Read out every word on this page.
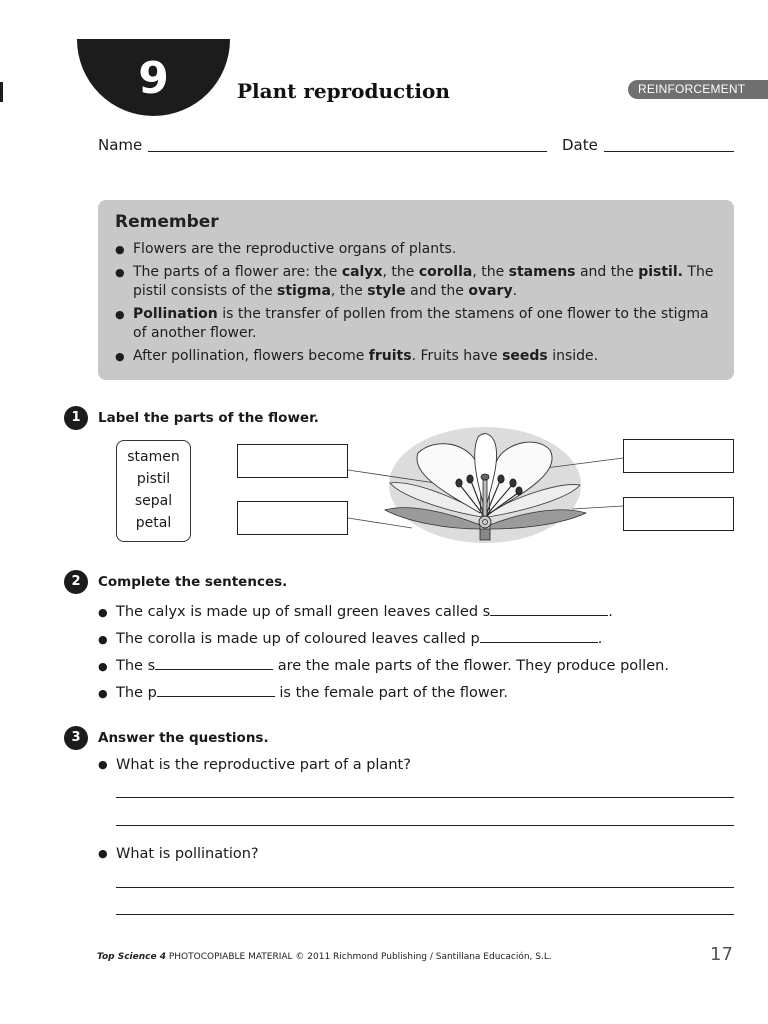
9	Plant reproduction	REINFORCEMENT
Name	Date
Remember
● Flowers are the reproductive organs of plants.
● The parts of a flower are: the calyx, the corolla, the stamens and the pistil. The pistil consists of the stigma, the style and the ovary.
● Pollination is the transfer of pollen from the stamens of one flower to the stigma of another flower.
● After pollination, flowers become fruits. Fruits have seeds inside.
1	Label the parts of the flower.
stamen
pistil
sepal
petal
2	Complete the sentences.
● The calyx is made up of small green leaves called s	.
● The corolla is made up of coloured leaves called p	.
● The s	are the male parts of the flower. They produce pollen.
● The p	is the female part of the flower.
3	Answer the questions.
● What is the reproductive part of a plant?
● What is pollination?
Top Science 4 PHOTOCOPIABLE MATERIAL © 2011 Richmond Publishing / Santillana Educación, S.L.	17
